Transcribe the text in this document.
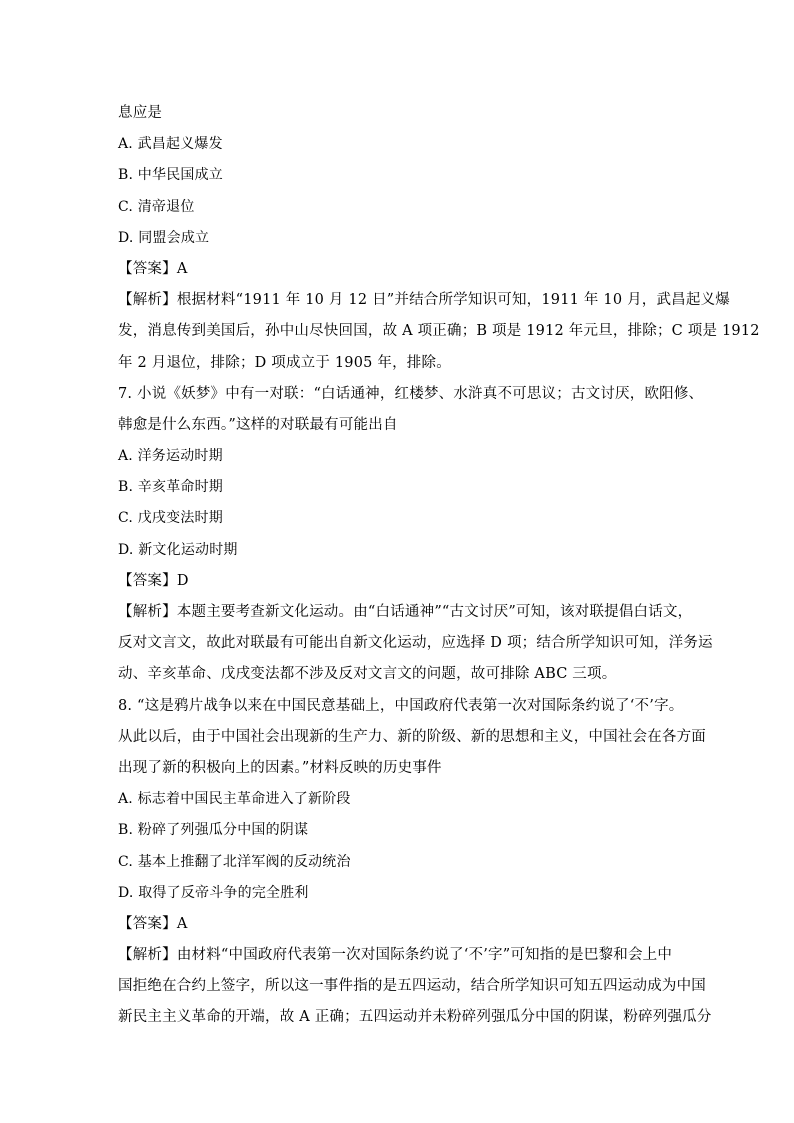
息应是
A. 武昌起义爆发
B. 中华民国成立
C. 清帝退位
D. 同盟会成立
【答案】A
【解析】根据材料“1911 年 10 月 12 日”并结合所学知识可知，1911 年 10 月，武昌起义爆
发，消息传到美国后，孙中山尽快回国，故 A 项正确；B 项是 1912 年元旦，排除；C 项是 1912
年 2 月退位，排除；D 项成立于 1905 年，排除。
7. 小说《妖梦》中有一对联：“白话通神，红楼梦、水浒真不可思议；古文讨厌，欧阳修、
韩愈是什么东西。”这样的对联最有可能出自
A. 洋务运动时期
B. 辛亥革命时期
C. 戊戌变法时期
D. 新文化运动时期
【答案】D
【解析】本题主要考查新文化运动。由“白话通神”“古文讨厌”可知，该对联提倡白话文，
反对文言文，故此对联最有可能出自新文化运动，应选择 D 项；结合所学知识可知，洋务运
动、辛亥革命、戊戌变法都不涉及反对文言文的问题，故可排除 ABC 三项。
8. “这是鸦片战争以来在中国民意基础上，中国政府代表第一次对国际条约说了‘不’字。
从此以后，由于中国社会出现新的生产力、新的阶级、新的思想和主义，中国社会在各方面
出现了新的积极向上的因素。”材料反映的历史事件
A. 标志着中国民主革命进入了新阶段
B. 粉碎了列强瓜分中国的阴谋
C. 基本上推翻了北洋军阀的反动统治
D. 取得了反帝斗争的完全胜利
【答案】A
【解析】由材料“中国政府代表第一次对国际条约说了‘不’字”可知指的是巴黎和会上中
国拒绝在合约上签字，所以这一事件指的是五四运动，结合所学知识可知五四运动成为中国
新民主主义革命的开端，故 A 正确；五四运动并未粉碎列强瓜分中国的阴谋，粉碎列强瓜分
